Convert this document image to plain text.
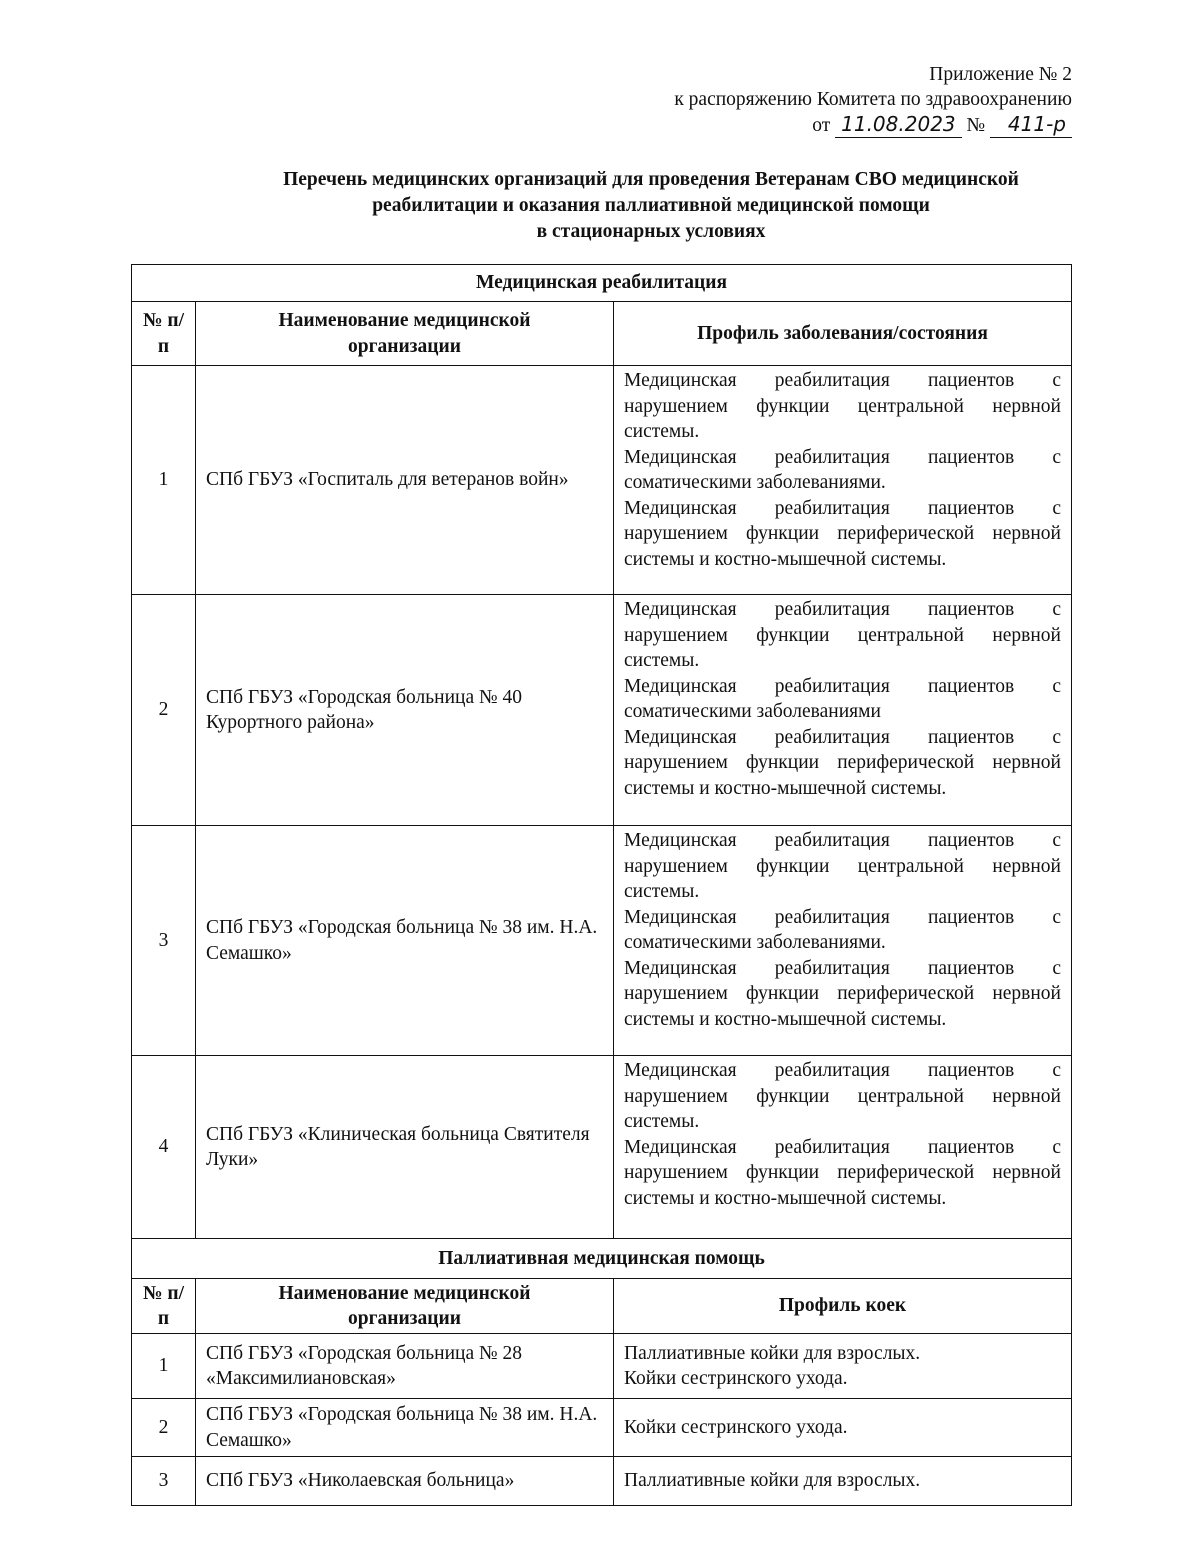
Приложение № 2
к распоряжению Комитета по здравоохранению
от 11.08.2023 № 411-р
Перечень медицинских организаций для проведения Ветеранам СВО медицинской
реабилитации и оказания паллиативной медицинской помощи
в стационарных условиях
Медицинская реабилитация		
№ п/п	Наименование медицинской организации	Профиль заболевания/состояния
1	СПб ГБУЗ «Госпиталь для ветеранов войн»	Медицинская реабилитация пациентов с нарушением функции центральной нервной системы.

Медицинская реабилитация пациентов с соматическими заболеваниями.

Медицинская реабилитация пациентов с нарушением функции периферической нервной системы и костно-мышечной системы.

2	СПб ГБУЗ «Городская больница № 40 Курортного района»	Медицинская реабилитация пациентов с нарушением функции центральной нервной системы.

Медицинская реабилитация пациентов с соматическими заболеваниями

Медицинская реабилитация пациентов с нарушением функции периферической нервной системы и костно-мышечной системы.

3	СПб ГБУЗ «Городская больница № 38 им. Н.А. Семашко»	Медицинская реабилитация пациентов с нарушением функции центральной нервной системы.

Медицинская реабилитация пациентов с соматическими заболеваниями.

Медицинская реабилитация пациентов с нарушением функции периферической нервной системы и костно-мышечной системы.

4	СПб ГБУЗ «Клиническая больница Святителя Луки»	Медицинская реабилитация пациентов с нарушением функции центральной нервной системы.

Медицинская реабилитация пациентов с нарушением функции периферической нервной системы и костно-мышечной системы.

Паллиативная медицинская помощь		
№ п/п	Наименование медицинской организации	Профиль коек
1	СПб ГБУЗ «Городская больница № 28 «Максимилиановская»	Паллиативные койки для взрослых.

Койки сестринского ухода.

2	СПб ГБУЗ «Городская больница № 38 им. Н.А. Семашко»	Койки сестринского ухода.

3	СПб ГБУЗ «Николаевская больница»	Паллиативные койки для взрослых.
